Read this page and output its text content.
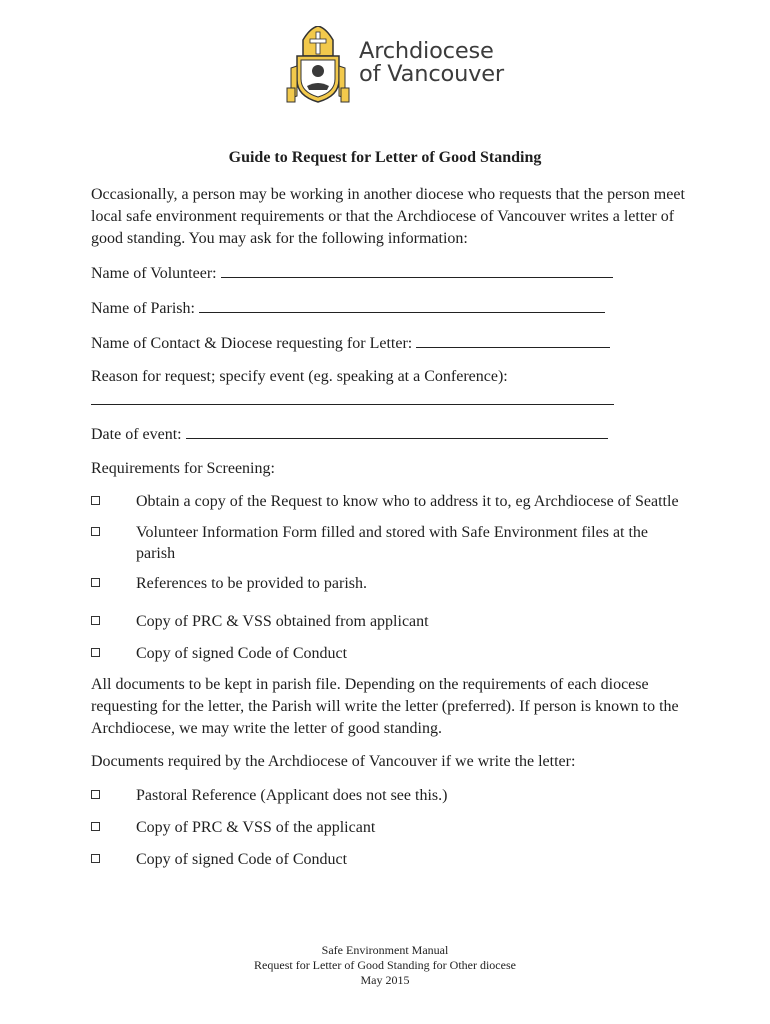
Archdiocese
of Vancouver
Guide to Request for Letter of Good Standing
Occasionally, a person may be working in another diocese who requests that the person meet local safe environment requirements or that the Archdiocese of Vancouver writes a letter of good standing. You may ask for the following information:
Name of Volunteer:
Name of Parish:
Name of Contact & Diocese requesting for Letter:
Reason for request; specify event (eg. speaking at a Conference):
Date of event:
Requirements for Screening:
Obtain a copy of the Request to know who to address it to, eg Archdiocese of Seattle
Volunteer Information Form filled and stored with Safe Environment files at the parish
References to be provided to parish.
Copy of PRC & VSS obtained from applicant
Copy of signed Code of Conduct
All documents to be kept in parish file. Depending on the requirements of each diocese requesting for the letter, the Parish will write the letter (preferred). If person is known to the Archdiocese, we may write the letter of good standing.
Documents required by the Archdiocese of Vancouver if we write the letter:
Pastoral Reference (Applicant does not see this.)
Copy of PRC & VSS of the applicant
Copy of signed Code of Conduct
Safe Environment Manual
Request for Letter of Good Standing for Other diocese
May 2015
